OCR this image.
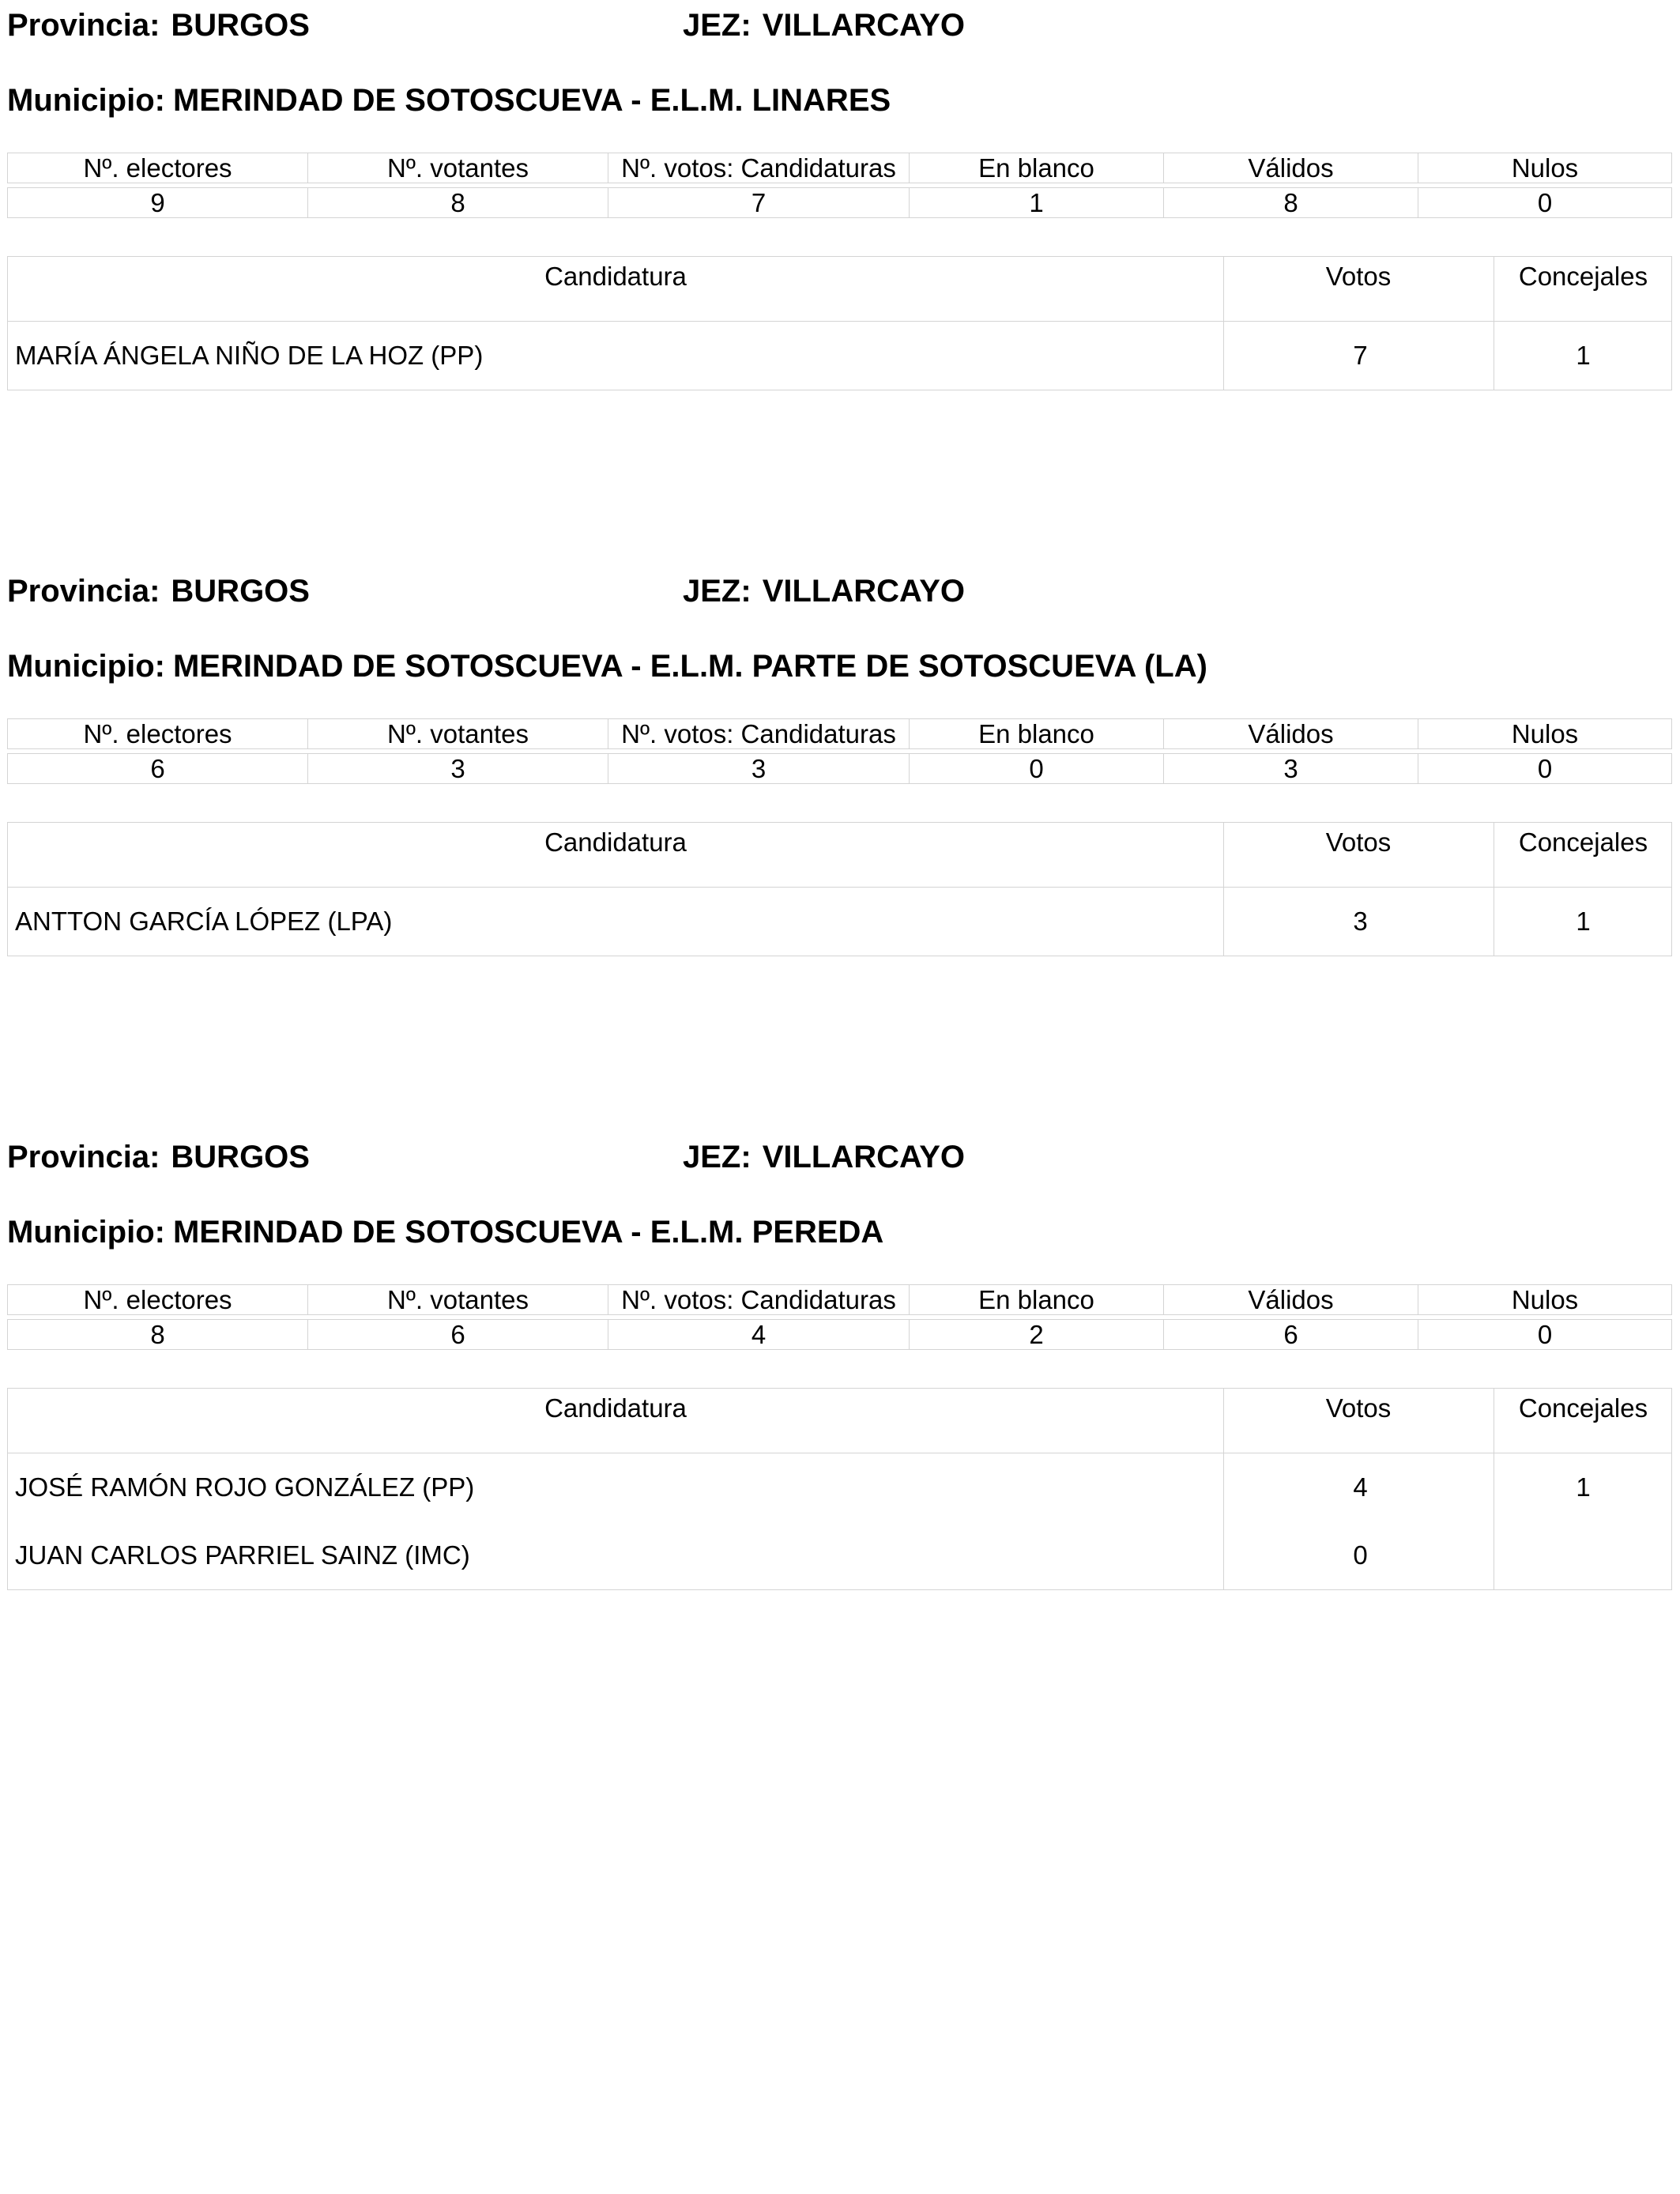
Provincia: BURGOS	JEZ: VILLARCAYO
Municipio: MERINDAD DE SOTOSCUEVA - E.L.M. LINARES
Nº. electores	Nº. votantes	Nº. votos: Candidaturas	En blanco	Válidos	Nulos
9	8	7	1	8	0
Candidatura	Votos	Concejales
MARÍA ÁNGELA NIÑO DE LA HOZ (PP)	7	1
Provincia: BURGOS	JEZ: VILLARCAYO
Municipio: MERINDAD DE SOTOSCUEVA - E.L.M. PARTE DE SOTOSCUEVA (LA)
Nº. electores	Nº. votantes	Nº. votos: Candidaturas	En blanco	Válidos	Nulos
6	3	3	0	3	0
Candidatura	Votos	Concejales
ANTTON GARCÍA LÓPEZ (LPA)	3	1
Provincia: BURGOS	JEZ: VILLARCAYO
Municipio: MERINDAD DE SOTOSCUEVA - E.L.M. PEREDA
Nº. electores	Nº. votantes	Nº. votos: Candidaturas	En blanco	Válidos	Nulos
8	6	4	2	6	0
Candidatura	Votos	Concejales
JOSÉ RAMÓN ROJO GONZÁLEZ (PP)	4	1
JUAN CARLOS PARRIEL SAINZ (IMC)	0
